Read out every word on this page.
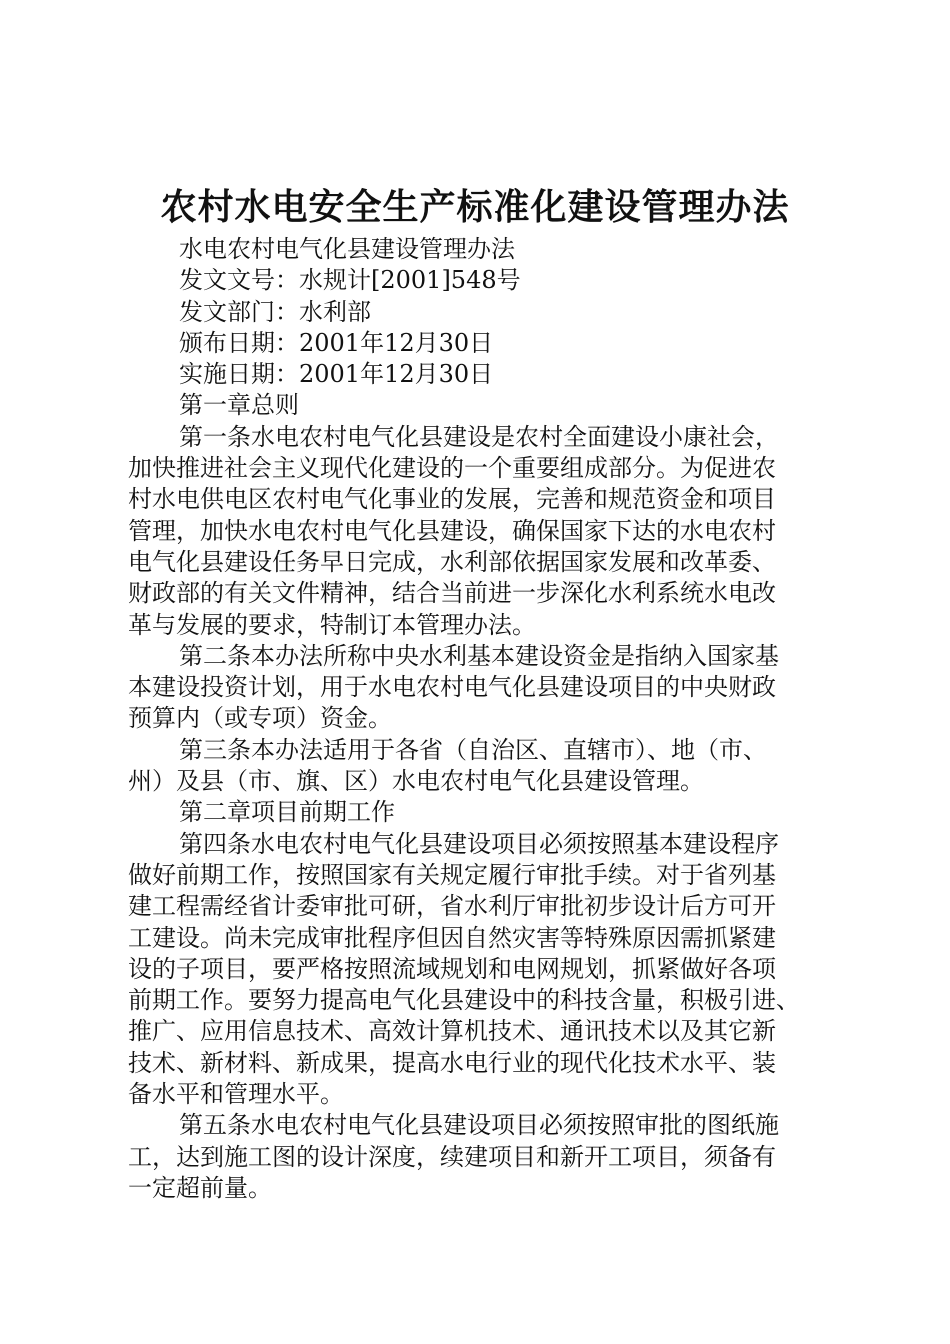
农村水电安全生产标准化建设管理办法
水电农村电气化县建设管理办法
发文文号：水规计[2001]548号
发文部门：水利部
颁布日期：2001年12月30日
实施日期：2001年12月30日
第一章总则
第一条水电农村电气化县建设是农村全面建设小康社会，
加快推进社会主义现代化建设的一个重要组成部分。为促进农
村水电供电区农村电气化事业的发展，完善和规范资金和项目
管理，加快水电农村电气化县建设，确保国家下达的水电农村
电气化县建设任务早日完成，水利部依据国家发展和改革委、
财政部的有关文件精神，结合当前进一步深化水利系统水电改
革与发展的要求，特制订本管理办法。
第二条本办法所称中央水利基本建设资金是指纳入国家基
本建设投资计划，用于水电农村电气化县建设项目的中央财政
预算内（或专项）资金。
第三条本办法适用于各省（自治区、直辖市）、地（市、
州）及县（市、旗、区）水电农村电气化县建设管理。
第二章项目前期工作
第四条水电农村电气化县建设项目必须按照基本建设程序
做好前期工作，按照国家有关规定履行审批手续。对于省列基
建工程需经省计委审批可研，省水利厅审批初步设计后方可开
工建设。尚未完成审批程序但因自然灾害等特殊原因需抓紧建
设的子项目，要严格按照流域规划和电网规划，抓紧做好各项
前期工作。要努力提高电气化县建设中的科技含量，积极引进、
推广、应用信息技术、高效计算机技术、通讯技术以及其它新
技术、新材料、新成果，提高水电行业的现代化技术水平、装
备水平和管理水平。
第五条水电农村电气化县建设项目必须按照审批的图纸施
工，达到施工图的设计深度，续建项目和新开工项目，须备有
一定超前量。
